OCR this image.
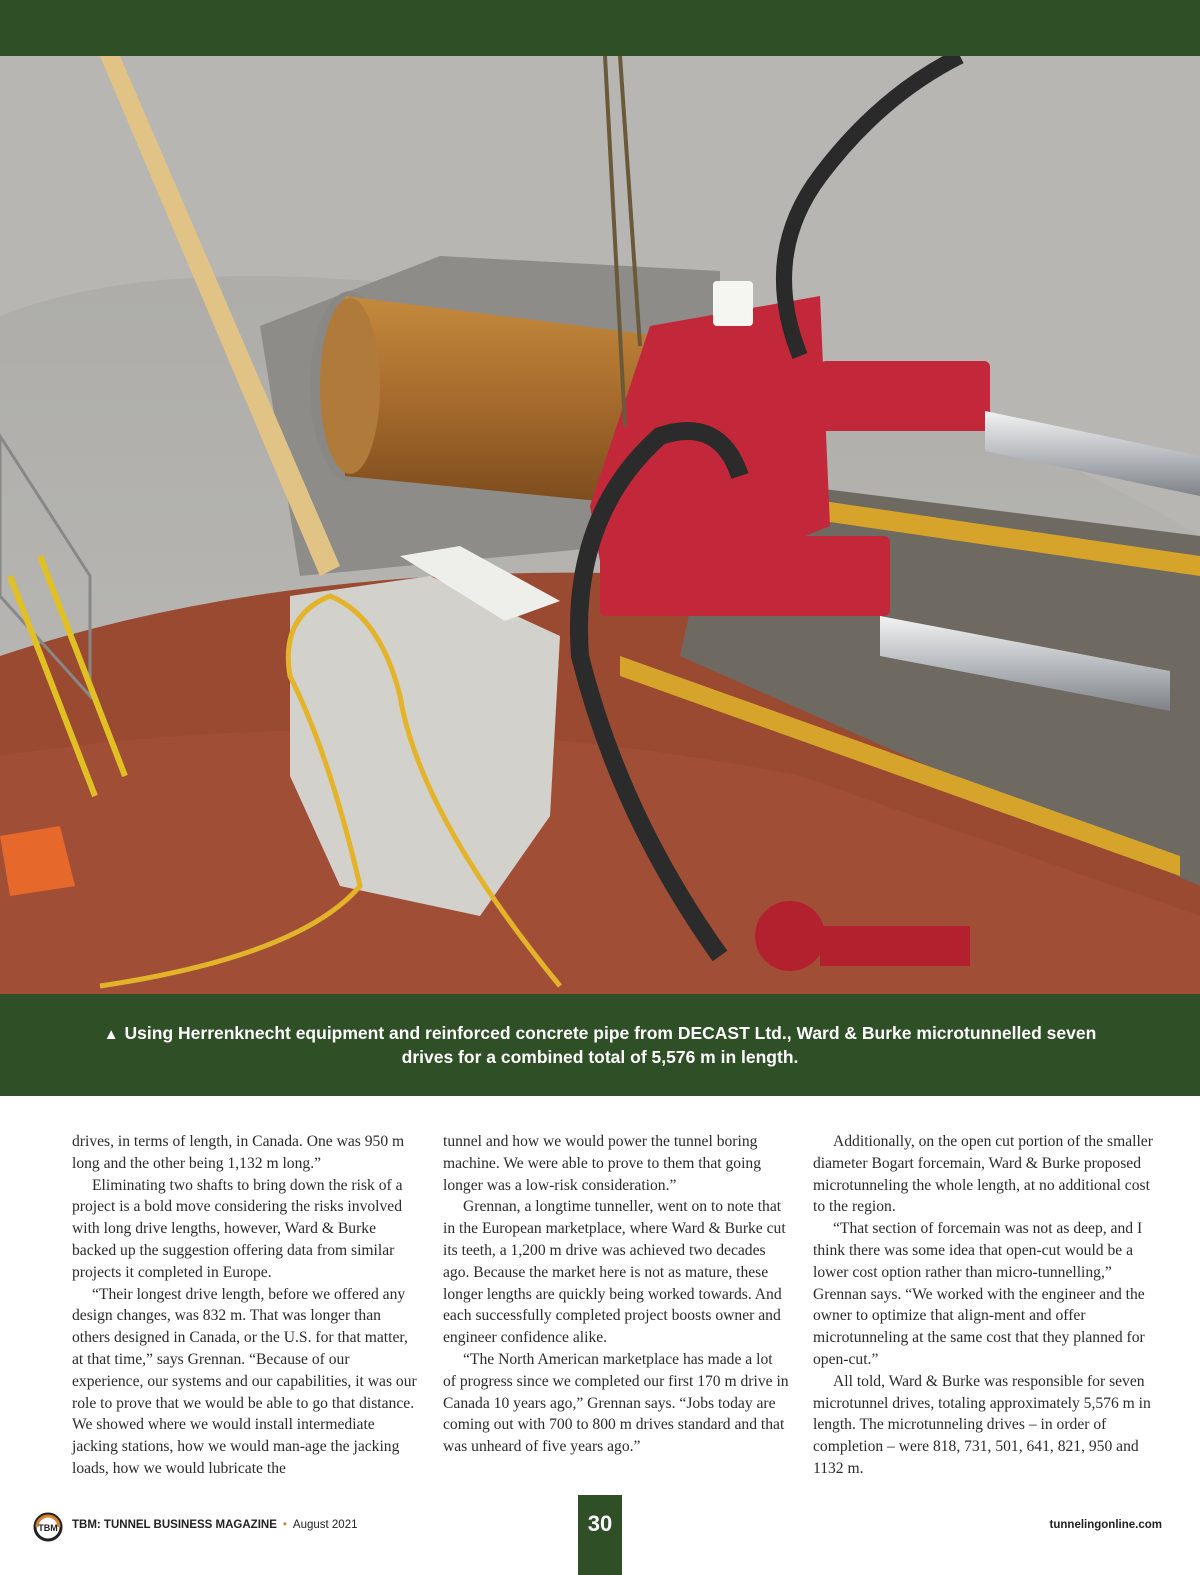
▲ Using Herrenknecht equipment and reinforced concrete pipe from DECAST Ltd., Ward & Burke microtunnelled seven drives for a combined total of 5,576 m in length.

drives, in terms of length, in Canada. One was 950 m long and the other being 1,132 m long.”

Eliminating two shafts to bring down the risk of a project is a bold move considering the risks involved with long drive lengths, however, Ward & Burke backed up the suggestion offering data from similar projects it completed in Europe.

“Their longest drive length, before we offered any design changes, was 832 m. That was longer than others designed in Canada, or the U.S. for that matter, at that time,” says Grennan. “Because of our experience, our systems and our capabilities, it was our role to prove that we would be able to go that distance. We showed where we would install intermediate jacking stations, how we would man-age the jacking loads, how we would lubricate the

tunnel and how we would power the tunnel boring machine. We were able to prove to them that going longer was a low-risk consideration.”

Grennan, a longtime tunneller, went on to note that in the European marketplace, where Ward & Burke cut its teeth, a 1,200 m drive was achieved two decades ago. Because the market here is not as mature, these longer lengths are quickly being worked towards. And each successfully completed project boosts owner and engineer confidence alike.

“The North American marketplace has made a lot of progress since we completed our first 170 m drive in Canada 10 years ago,” Grennan says. “Jobs today are coming out with 700 to 800 m drives standard and that was unheard of five years ago.”

Additionally, on the open cut portion of the smaller diameter Bogart forcemain, Ward & Burke proposed microtunneling the whole length, at no additional cost to the region.

“That section of forcemain was not as deep, and I think there was some idea that open-cut would be a lower cost option rather than micro-tunnelling,” Grennan says. “We worked with the engineer and the owner to optimize that align-ment and offer microtunneling at the same cost that they planned for open-cut.”

All told, Ward & Burke was responsible for seven microtunnel drives, totaling approximately 5,576 m in length. The microtunneling drives – in order of completion – were 818, 731, 501, 641, 821, 950 and 1132 m.

TBM TBM: TUNNEL BUSINESS MAGAZINE • August 2021	30	tunnelingonline.com
